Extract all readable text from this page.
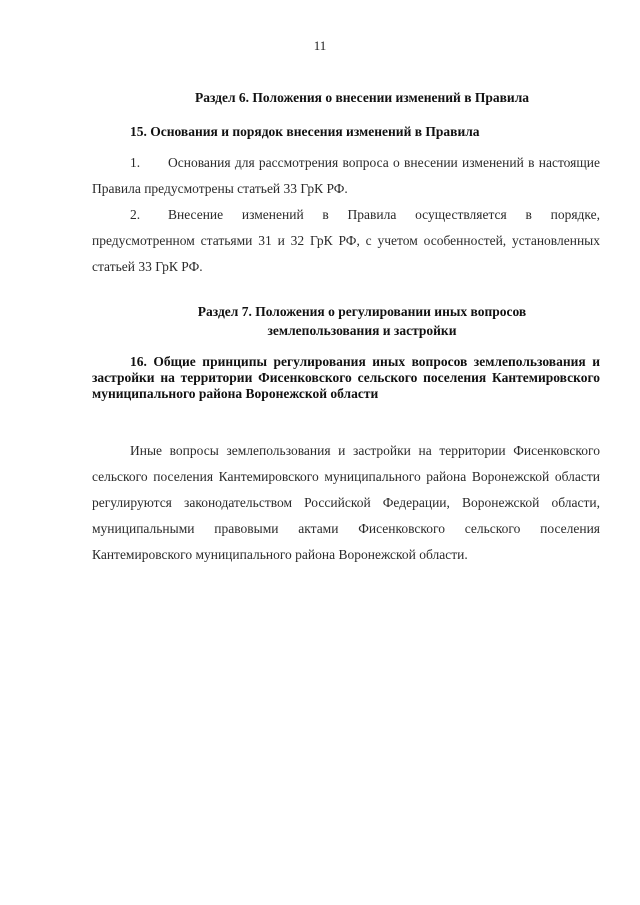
11
Раздел 6. Положения о внесении изменений в Правила
15. Основания и порядок внесения изменений в Правила
1. Основания для рассмотрения вопроса о внесении изменений в настоящие Правила предусмотрены статьей 33 ГрК РФ.
2. Внесение изменений в Правила осуществляется в порядке, предусмотренном статьями 31 и 32 ГрК РФ, с учетом особенностей, установленных статьей 33 ГрК РФ.
Раздел 7. Положения о регулировании иных вопросов
землепользования и застройки
16. Общие принципы регулирования иных вопросов землепользования и застройки на территории Фисенковского сельского поселения Кантемировского муниципального района Воронежской области
Иные вопросы землепользования и застройки на территории Фисенковского сельского поселения Кантемировского муниципального района Воронежской области регулируются законодательством Российской Федерации, Воронежской области, муниципальными правовыми актами Фисенковского сельского поселения Кантемировского муниципального района Воронежской области.
